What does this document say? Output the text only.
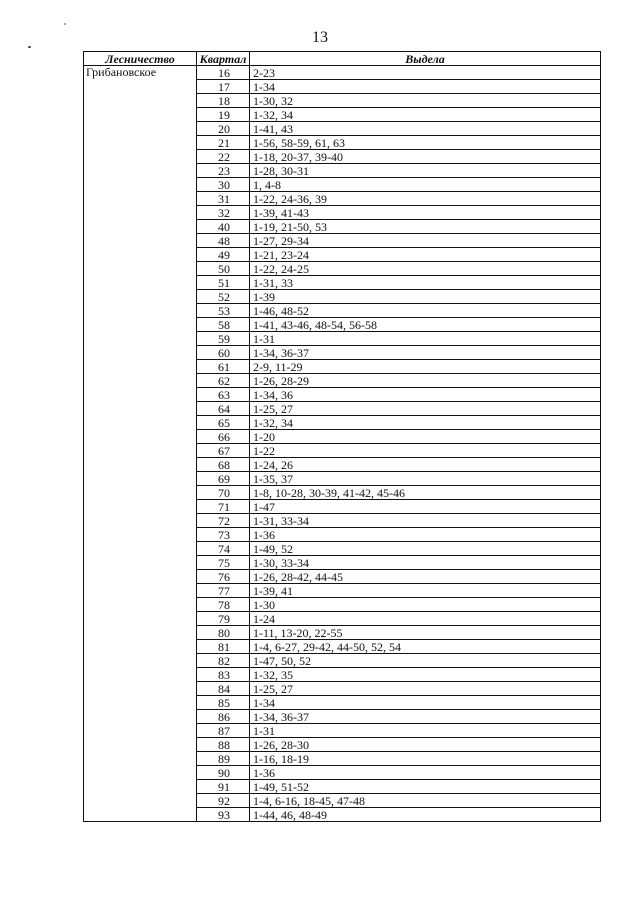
13
Лесничество	Квартал	Выдела
Грибановское	16	2-23
	17	1-34
	18	1-30, 32
	19	1-32, 34
	20	1-41, 43
	21	1-56, 58-59, 61, 63
	22	1-18, 20-37, 39-40
	23	1-28, 30-31
	30	1, 4-8
	31	1-22, 24-36, 39
	32	1-39, 41-43
	40	1-19, 21-50, 53
	48	1-27, 29-34
	49	1-21, 23-24
	50	1-22, 24-25
	51	1-31, 33
	52	1-39
	53	1-46, 48-52
	58	1-41, 43-46, 48-54, 56-58
	59	1-31
	60	1-34, 36-37
	61	2-9, 11-29
	62	1-26, 28-29
	63	1-34, 36
	64	1-25, 27
	65	1-32, 34
	66	1-20
	67	1-22
	68	1-24, 26
	69	1-35, 37
	70	1-8, 10-28, 30-39, 41-42, 45-46
	71	1-47
	72	1-31, 33-34
	73	1-36
	74	1-49, 52
	75	1-30, 33-34
	76	1-26, 28-42, 44-45
	77	1-39, 41
	78	1-30
	79	1-24
	80	1-11, 13-20, 22-55
	81	1-4, 6-27, 29-42, 44-50, 52, 54
	82	1-47, 50, 52
	83	1-32, 35
	84	1-25, 27
	85	1-34
	86	1-34, 36-37
	87	1-31
	88	1-26, 28-30
	89	1-16, 18-19
	90	1-36
	91	1-49, 51-52
	92	1-4, 6-16, 18-45, 47-48
	93	1-44, 46, 48-49
